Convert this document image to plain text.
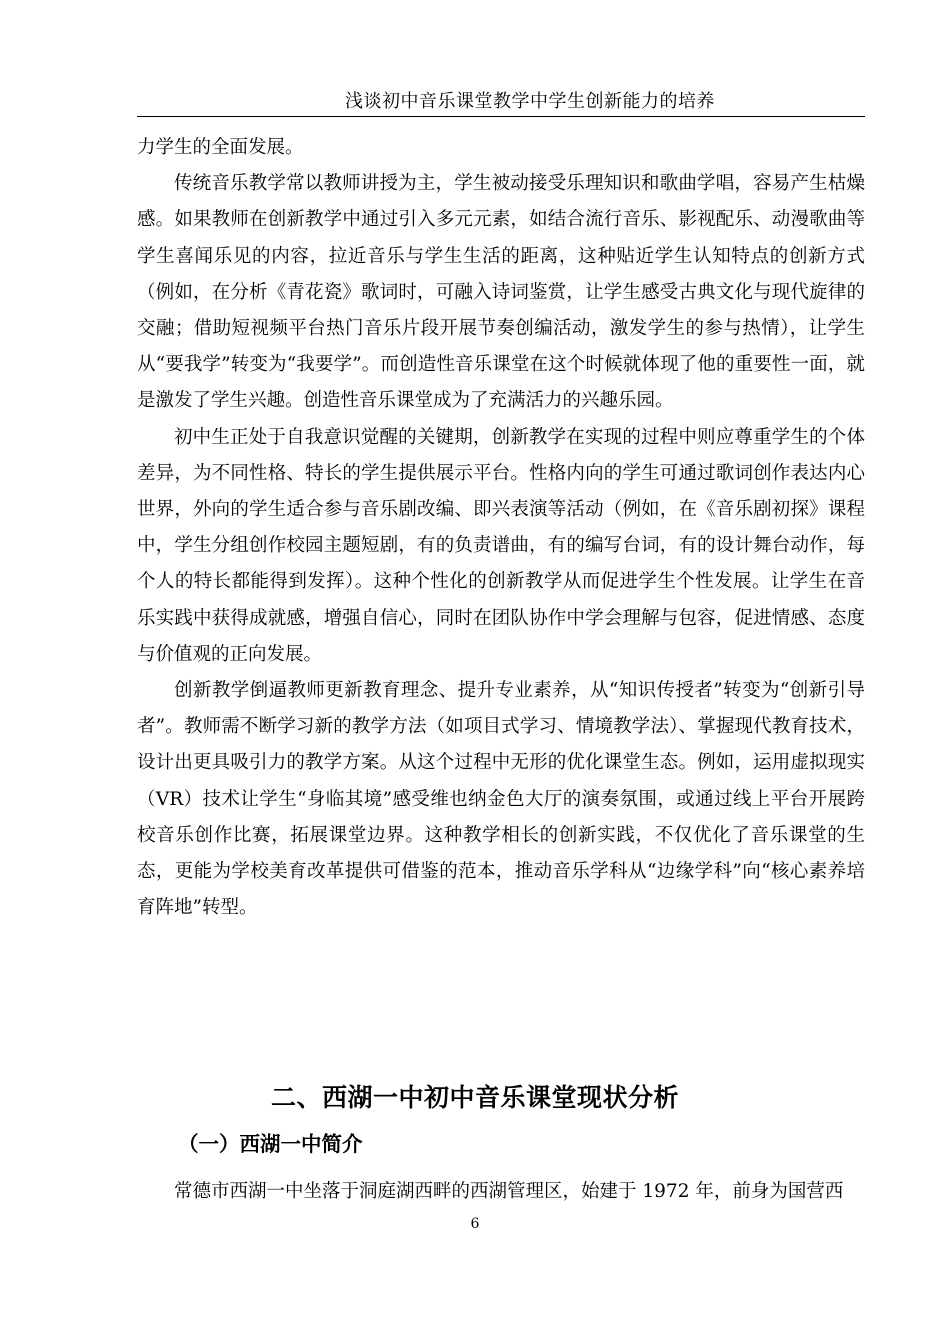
浅谈初中音乐课堂教学中学生创新能力的培养

力学生的全面发展。

传统音乐教学常以教师讲授为主，学生被动接受乐理知识和歌曲学唱，容易产生枯燥感。如果教师在创新教学中通过引入多元元素，如结合流行音乐、影视配乐、动漫歌曲等学生喜闻乐见的内容，拉近音乐与学生生活的距离，这种贴近学生认知特点的创新方式（例如，在分析《青花瓷》歌词时，可融入诗词鉴赏，让学生感受古典文化与现代旋律的交融；借助短视频平台热门音乐片段开展节奏创编活动，激发学生的参与热情），让学生从“要我学”转变为“我要学”。而创造性音乐课堂在这个时候就体现了他的重要性一面，就是激发了学生兴趣。创造性音乐课堂成为了充满活力的兴趣乐园。

初中生正处于自我意识觉醒的关键期，创新教学在实现的过程中则应尊重学生的个体差异，为不同性格、特长的学生提供展示平台。性格内向的学生可通过歌词创作表达内心世界，外向的学生适合参与音乐剧改编、即兴表演等活动（例如，在《音乐剧初探》课程中，学生分组创作校园主题短剧，有的负责谱曲，有的编写台词，有的设计舞台动作，每个人的特长都能得到发挥）。这种个性化的创新教学从而促进学生个性发展。让学生在音乐实践中获得成就感，增强自信心，同时在团队协作中学会理解与包容，促进情感、态度与价值观的正向发展。

创新教学倒逼教师更新教育理念、提升专业素养，从“知识传授者”转变为“创新引导者”。教师需不断学习新的教学方法（如项目式学习、情境教学法）、掌握现代教育技术，设计出更具吸引力的教学方案。从这个过程中无形的优化课堂生态。例如，运用虚拟现实（VR）技术让学生“身临其境”感受维也纳金色大厅的演奏氛围，或通过线上平台开展跨校音乐创作比赛，拓展课堂边界。这种教学相长的创新实践，不仅优化了音乐课堂的生态，更能为学校美育改革提供可借鉴的范本，推动音乐学科从“边缘学科”向“核心素养培育阵地”转型。

二、西湖一中初中音乐课堂现状分析
（一）西湖一中简介

常德市西湖一中坐落于洞庭湖西畔的西湖管理区，始建于 1972 年，前身为国营西

6
